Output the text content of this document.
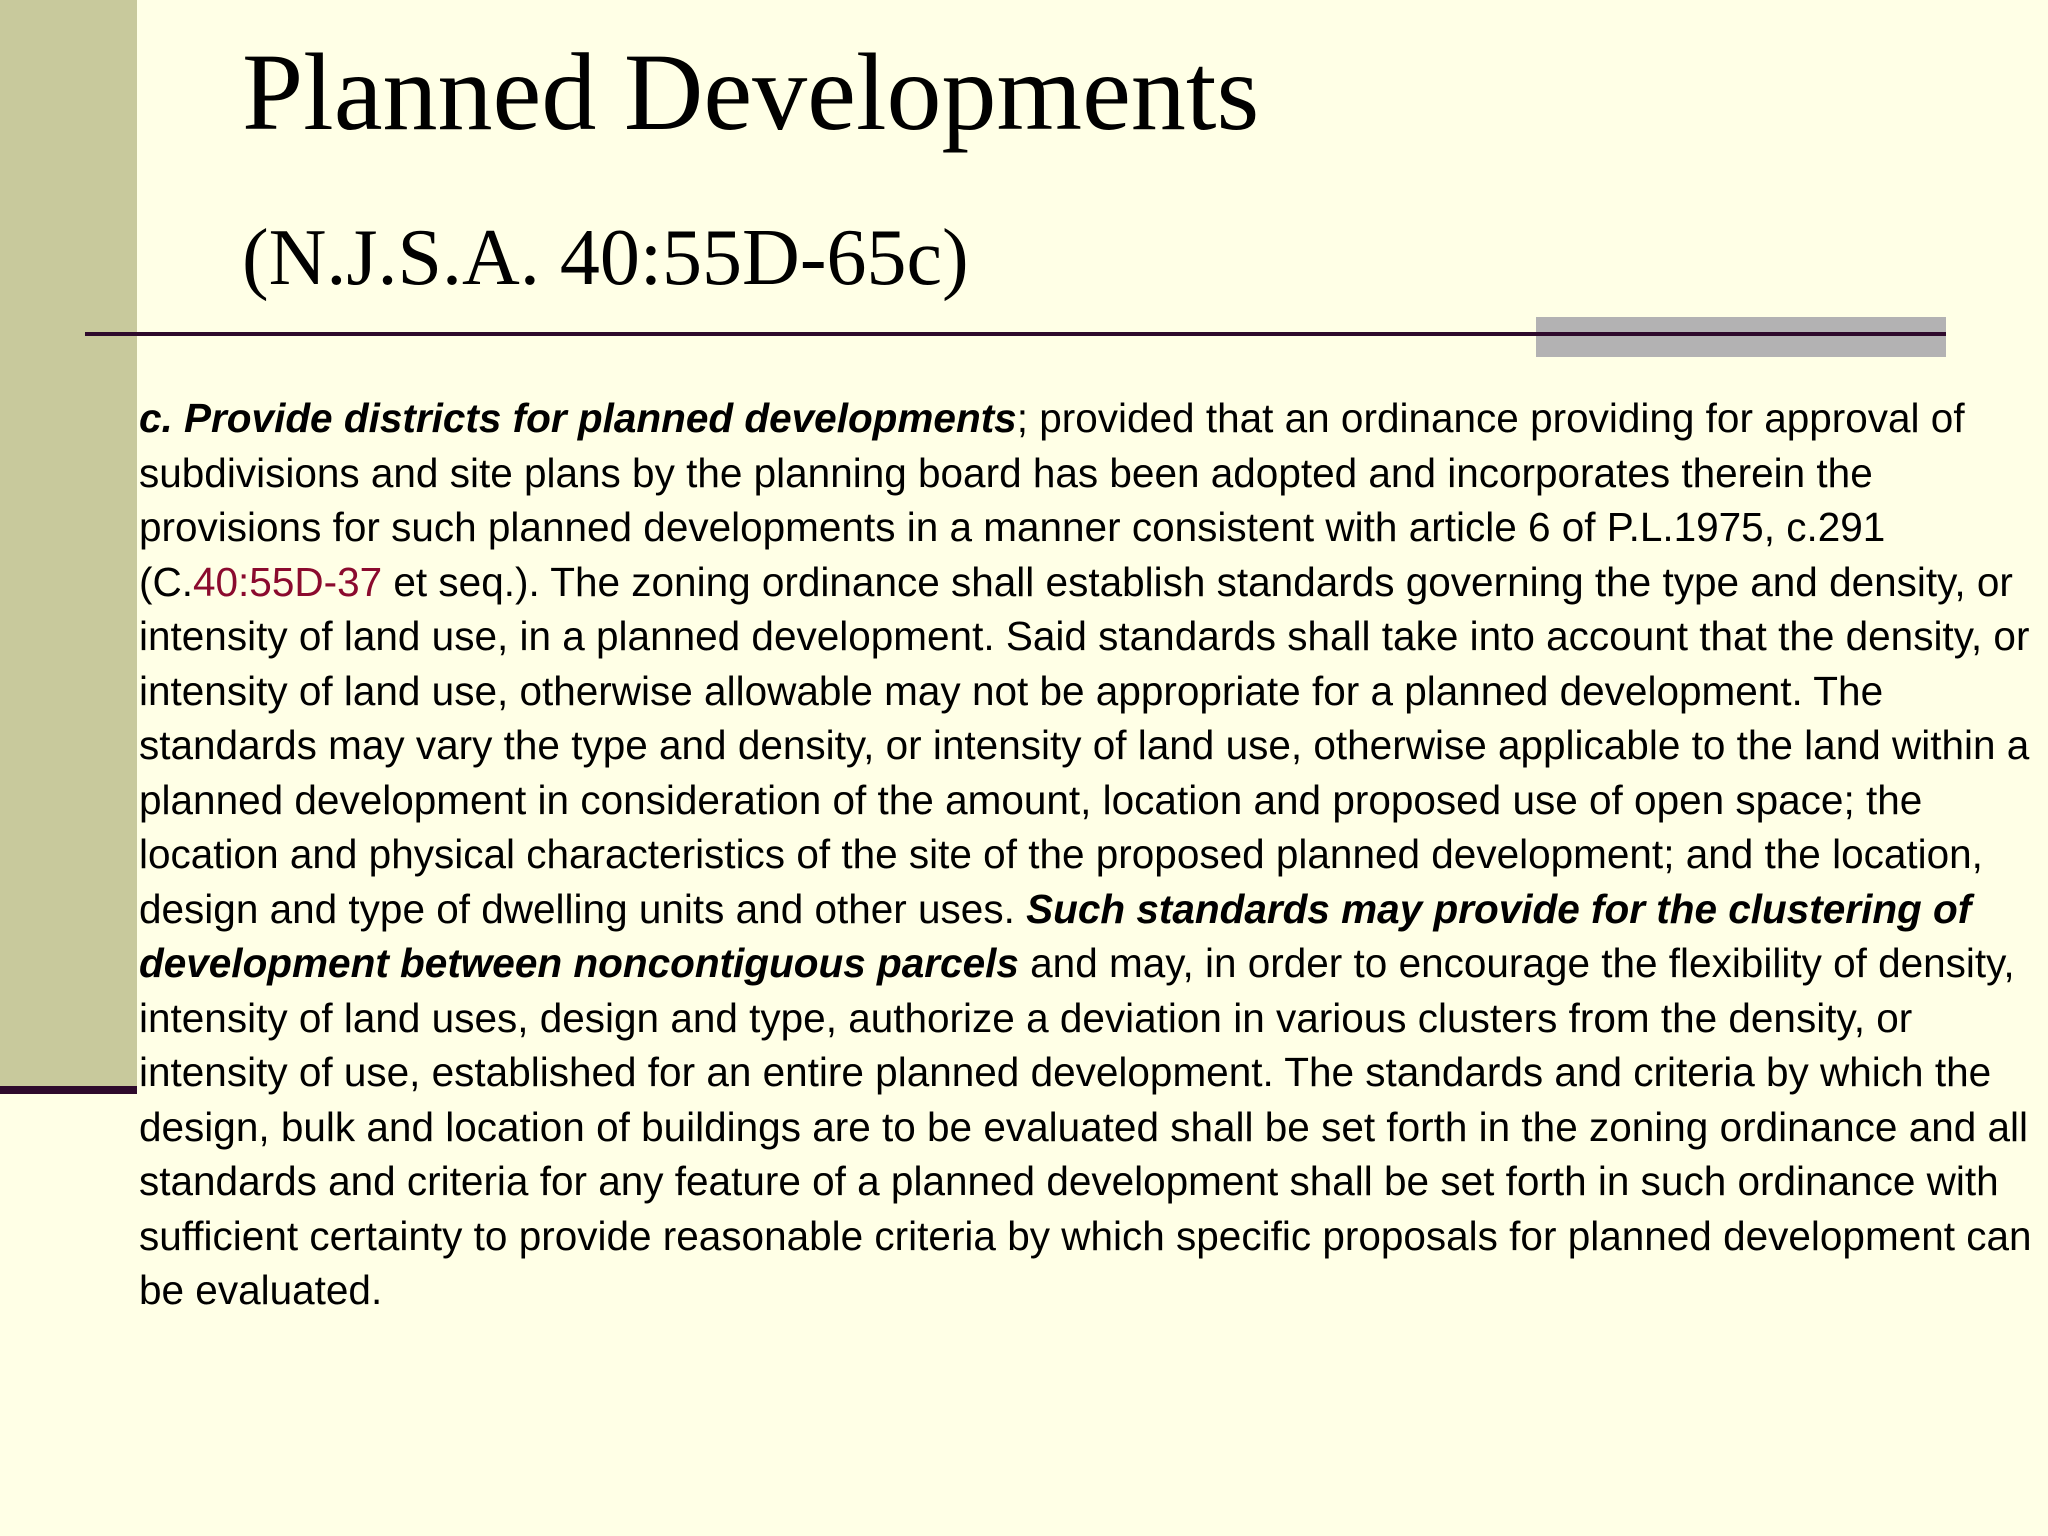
Planned Developments
(N.J.S.A. 40:55D-65c)

c. Provide districts for planned developments; provided that an ordinance providing for approval of subdivisions and site plans by the planning board has been adopted and incorporates therein the provisions for such planned developments in a manner consistent with article 6 of P.L.1975, c.291 (C.40:55D-37 et seq.). The zoning ordinance shall establish standards governing the type and density, or intensity of land use, in a planned development. Said standards shall take into account that the density, or intensity of land use, otherwise allowable may not be appropriate for a planned development. The standards may vary the type and density, or intensity of land use, otherwise applicable to the land within a planned development in consideration of the amount, location and proposed use of open space; the location and physical characteristics of the site of the proposed planned development; and the location, design and type of dwelling units and other uses. Such standards may provide for the clustering of development between noncontiguous parcels and may, in order to encourage the flexibility of density, intensity of land uses, design and type, authorize a deviation in various clusters from the density, or intensity of use, established for an entire planned development. The standards and criteria by which the design, bulk and location of buildings are to be evaluated shall be set forth in the zoning ordinance and all standards and criteria for any feature of a planned development shall be set forth in such ordinance with sufficient certainty to provide reasonable criteria by which specific proposals for planned development can be evaluated.
